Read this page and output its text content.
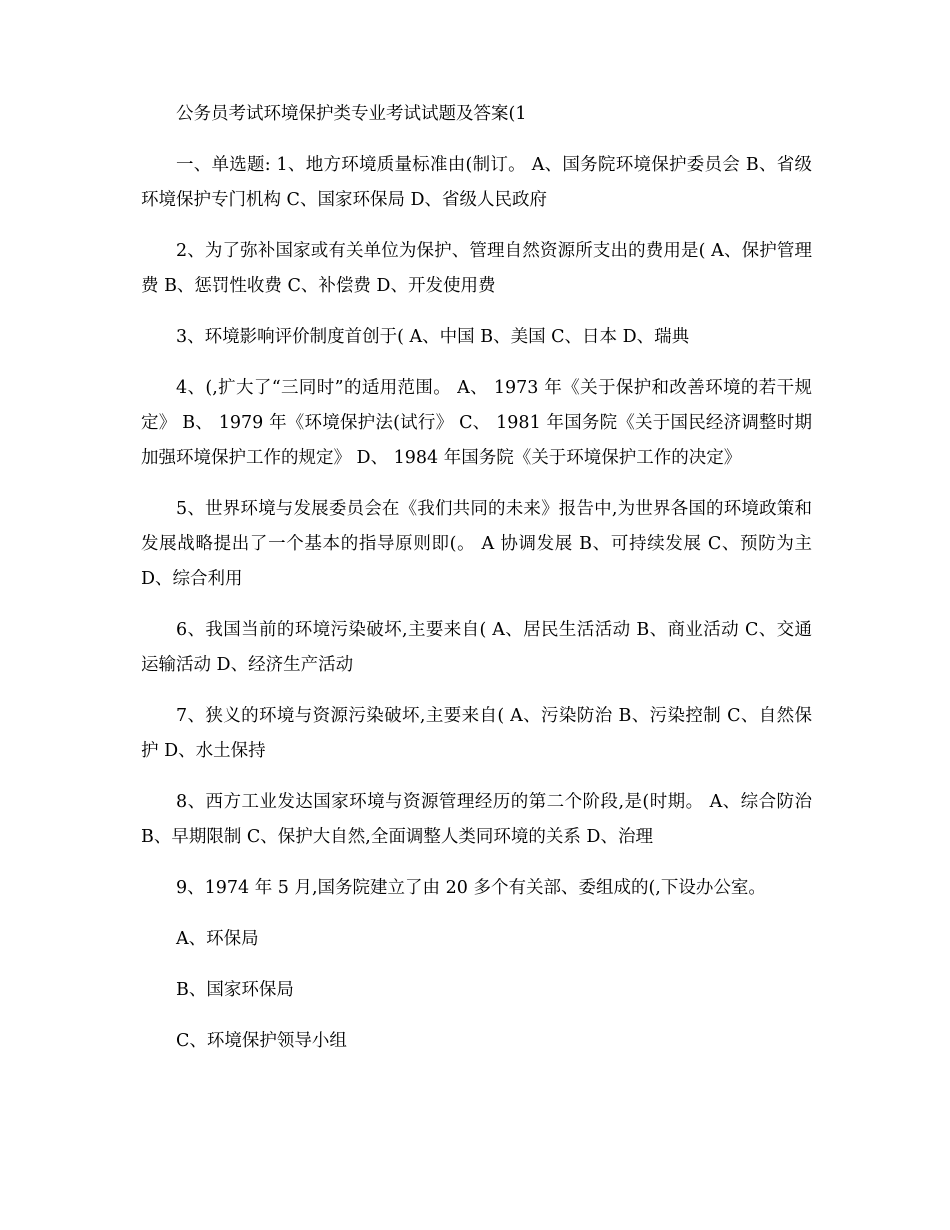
公务员考试环境保护类专业考试试题及答案(1

一、单选题: 1、地方环境质量标准由(制订。 A、国务院环境保护委员会 B、省级环境保护专门机构 C、国家环保局 D、省级人民政府

2、为了弥补国家或有关单位为保护、管理自然资源所支出的费用是( A、保护管理费 B、惩罚性收费 C、补偿费 D、开发使用费

3、环境影响评价制度首创于( A、中国 B、美国 C、日本 D、瑞典

4、(,扩大了“三同时”的适用范围。 A、 1973 年《关于保护和改善环境的若干规定》 B、 1979 年《环境保护法(试行》 C、 1981 年国务院《关于国民经济调整时期加强环境保护工作的规定》 D、 1984 年国务院《关于环境保护工作的决定》

5、世界环境与发展委员会在《我们共同的未来》报告中,为世界各国的环境政策和发展战略提出了一个基本的指导原则即(。 A 协调发展 B、可持续发展 C、预防为主 D、综合利用

6、我国当前的环境污染破坏,主要来自( A、居民生活活动 B、商业活动 C、交通运输活动 D、经济生产活动

7、狭义的环境与资源污染破坏,主要来自( A、污染防治 B、污染控制 C、自然保护 D、水土保持

8、西方工业发达国家环境与资源管理经历的第二个阶段,是(时期。 A、综合防治 B、早期限制 C、保护大自然,全面调整人类同环境的关系 D、治理

9、1974 年 5 月,国务院建立了由 20 多个有关部、委组成的(,下设办公室。

A、环保局

B、国家环保局

C、环境保护领导小组
